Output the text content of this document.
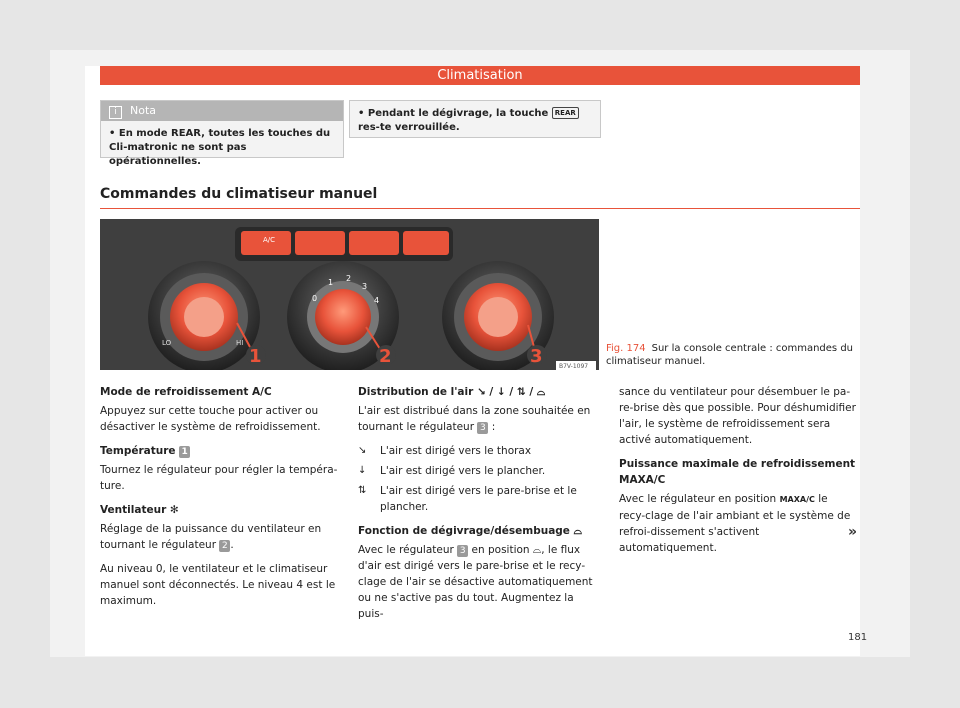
Climatisation
i Nota
• En mode REAR, toutes les touches du Cli-matronic ne sont pas opérationnelles.
• Pendant le dégivrage, la touche REAR res-te verrouillée.
Commandes du climatiseur manuel
A/C
LO	HI
0
1 2
3
4
1	2	3	B7V-1097
Fig. 174 Sur la console centrale : commandes du climatiseur manuel.
Mode de refroidissement A/C

Appuyez sur cette touche pour activer ou désactiver le système de refroidissement.

Température 1

Tournez le régulateur pour régler la tempéra-ture.

Ventilateur ✻

Réglage de la puissance du ventilateur en tournant le régulateur 2 .

Au niveau 0, le ventilateur et le climatiseur manuel sont déconnectés. Le niveau 4 est le maximum.

Distribution de l'air ↘ / ↓ / ⇅ / ⌓

L'air est distribué dans la zone souhaitée en tournant le régulateur 3 :

↘	L'air est dirigé vers le thorax
↓	L'air est dirigé vers le plancher.
⇅	L'air est dirigé vers le pare-brise et le plancher.
Fonction de dégivrage/désembuage ⌓

Avec le régulateur 3 en position ⌓, le flux d'air est dirigé vers le pare-brise et le recy-clage de l'air se désactive automatiquement ou ne s'active pas du tout. Augmentez la puis-

sance du ventilateur pour désembuer le pa-re-brise dès que possible. Pour déshumidifier l'air, le système de refroidissement sera activé automatiquement.

Puissance maximale de refroidissement
MAXA/C

Avec le régulateur en position MAXA/C le recy-clage de l'air ambiant et le système de refroi-dissement s'activent automatiquement.

»
181
